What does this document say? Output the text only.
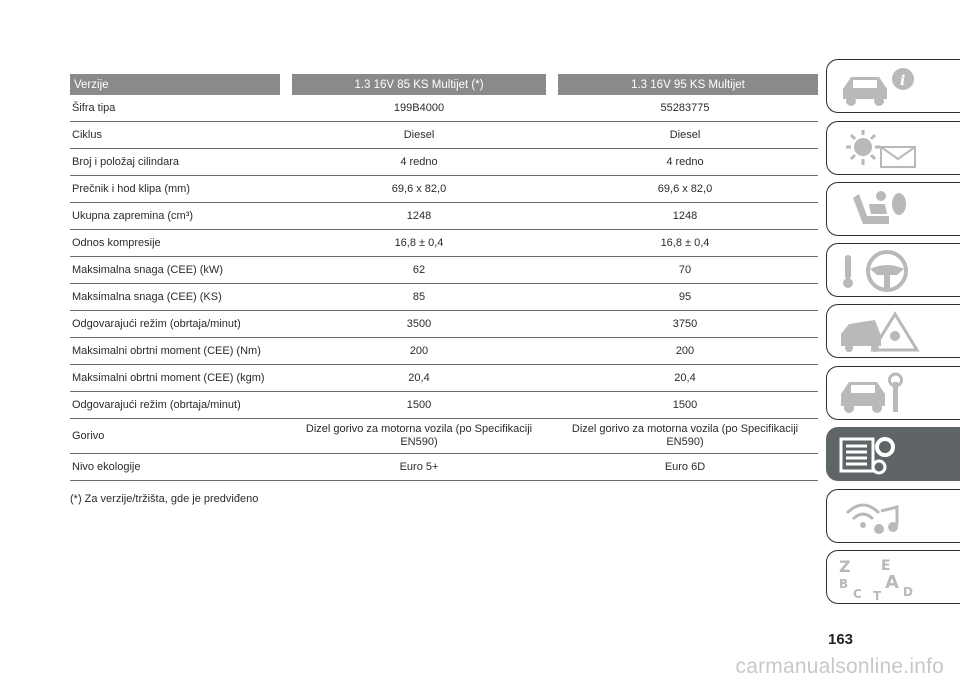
Verzije	1.3 16V 85 KS Multijet (*)	1.3 16V 95 KS Multijet
Šifra tipa	199B4000	55283775
Ciklus	Diesel	Diesel
Broj i položaj cilindara	4 redno	4 redno
Prečnik i hod klipa (mm)	69,6 x 82,0	69,6 x 82,0
Ukupna zapremina (cm³)	1248	1248
Odnos kompresije	16,8 ± 0,4	16,8 ± 0,4
Maksimalna snaga (CEE) (kW)	62	70
Maksimalna snaga (CEE) (KS)	85	95
Odgovarajući režim (obrtaja/minut)	3500	3750
Maksimalni obrtni moment (CEE) (Nm)	200	200
Maksimalni obrtni moment (CEE) (kgm)	20,4	20,4
Odgovarajući režim (obrtaja/minut)	1500	1500
Gorivo	Dizel gorivo za motorna vozila (po Specifikaciji EN590)	Dizel gorivo za motorna vozila (po Specifikaciji EN590)
Nivo ekologije	Euro 5+	Euro 6D
(*) Za verzije/tržišta, gde je predviđeno
i
Z E
A
B
C T D
163
carmanualsonline.info
